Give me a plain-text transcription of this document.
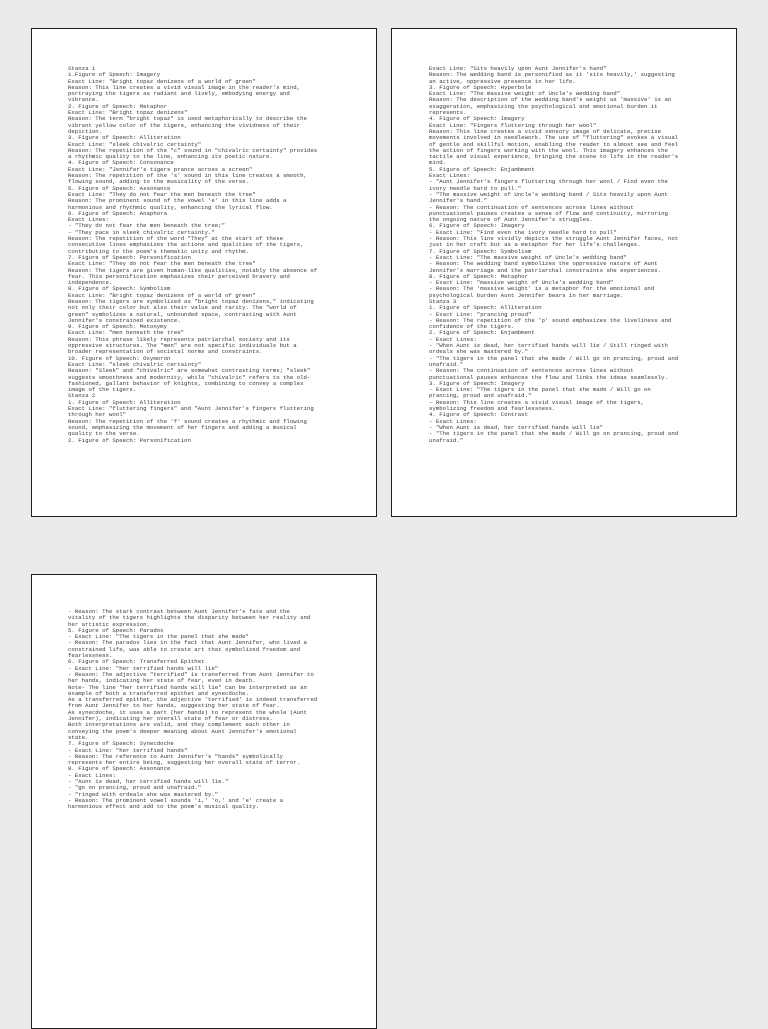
Stanza 1
1.Figure of Speech: Imagery
Exact Line: "Bright topaz denizens of a world of green"
Reason: This line creates a vivid visual image in the reader's mind,
portraying the tigers as radiant and lively, embodying energy and
vibrance.
2. Figure of Speech: Metaphor
Exact Line: "Bright topaz denizens"
Reason: The term "bright topaz" is used metaphorically to describe the
vibrant yellow color of the tigers, enhancing the vividness of their
depiction.
3. Figure of Speech: Alliteration
Exact Line: "sleek chivalric certainty"
Reason: The repetition of the "c" sound in "chivalric certainty" provides
a rhythmic quality to the line, enhancing its poetic nature.
4. Figure of Speech: Consonance
Exact Line: "Jennifer's tigers prance across a screen"
Reason: The repetition of the 's' sound in this line creates a smooth,
flowing sound, adding to the musicality of the verse.
5. Figure of Speech: Assonance
Exact Line: "They do not fear the men beneath the tree"
Reason: The prominent sound of the vowel 'e' in this line adds a
harmonious and rhythmic quality, enhancing the lyrical flow.
6. Figure of Speech: Anaphora
Exact Lines:
- "They do not fear the men beneath the tree;"
- "They pace in sleek chivalric certainty."
Reason: The repetition of the word "They" at the start of these
consecutive lines emphasizes the actions and qualities of the tigers,
contributing to the poem's thematic unity and rhythm.
7. Figure of Speech: Personification
Exact Line: "They do not fear the men beneath the tree"
Reason: The tigers are given human-like qualities, notably the absence of
fear. This personification emphasizes their perceived bravery and
independence.
8. Figure of Speech: Symbolism
Exact Line: "Bright topaz denizens of a world of green"
Reason: The tigers are symbolized as "bright topaz denizens," indicating
not only their color but also their value and rarity. The "world of
green" symbolizes a natural, unbounded space, contrasting with Aunt
Jennifer's constrained existence.
9. Figure of Speech: Metonymy
Exact Line: "men beneath the tree"
Reason: This phrase likely represents patriarchal society and its
oppressive structures. The "men" are not specific individuals but a
broader representation of societal norms and constraints.
10. Figure of Speech: Oxymoron
Exact Line: "sleek chivalric certainty"
Reason: "Sleek" and "chivalric" are somewhat contrasting terms; "sleek"
suggests smoothness and modernity, while "chivalric" refers to the old-
fashioned, gallant behavior of knights, combining to convey a complex
image of the tigers.
Stanza 2
1. Figure of Speech: Alliteration
Exact Line: "fluttering fingers" and "Aunt Jennifer's fingers fluttering
through her wool"
Reason: The repetition of the 'f' sound creates a rhythmic and flowing
sound, emphasizing the movement of her fingers and adding a musical
quality to the verse.
2. Figure of Speech: Personification
Exact Line: "Sits heavily upon Aunt Jennifer's hand"
Reason: The wedding band is personified as it 'sits heavily,' suggesting
an active, oppressive presence in her life.
3. Figure of Speech: Hyperbole
Exact Line: "The massive weight of Uncle's wedding band"
Reason: The description of the wedding band's weight as 'massive' is an
exaggeration, emphasizing the psychological and emotional burden it
represents.
4. Figure of Speech: Imagery
Exact Line: "Fingers fluttering through her wool"
Reason: This line creates a vivid sensory image of delicate, precise
movements involved in needlework. The use of "fluttering" evokes a visual
of gentle and skillful motion, enabling the reader to almost see and feel
the action of fingers working with the wool. This imagery enhances the
tactile and visual experience, bringing the scene to life in the reader's
mind.
5. Figure of Speech: Enjambment
Exact Lines:
- "Aunt Jennifer's fingers fluttering through her wool / Find even the
ivory needle hard to pull."
- "The massive weight of Uncle's wedding band / Sits heavily upon Aunt
Jennifer's hand."
- Reason: The continuation of sentences across lines without
punctuational pauses creates a sense of flow and continuity, mirroring
the ongoing nature of Aunt Jennifer's struggles.
6. Figure of Speech: Imagery
- Exact Line: "Find even the ivory needle hard to pull"
- Reason: This line vividly depicts the struggle Aunt Jennifer faces, not
just in her craft but as a metaphor for her life's challenges.
7. Figure of Speech: Symbolism
- Exact Line: "The massive weight of Uncle's wedding band"
- Reason: The wedding band symbolizes the oppressive nature of Aunt
Jennifer's marriage and the patriarchal constraints she experiences.
8. Figure of Speech: Metaphor
- Exact Line: "massive weight of Uncle's wedding band"
- Reason: The 'massive weight' is a metaphor for the emotional and
psychological burden Aunt Jennifer bears in her marriage.
Stanza 3
1. Figure of Speech: Alliteration
- Exact Line: "prancing proud"
- Reason: The repetition of the 'p' sound emphasizes the liveliness and
confidence of the tigers.
2. Figure of Speech: Enjambment
- Exact Lines:
- "When Aunt is dead, her terrified hands will lie / Still ringed with
ordeals she was mastered by."
- "The tigers in the panel that she made / Will go on prancing, proud and
unafraid."
- Reason: The continuation of sentences across lines without
punctuational pauses enhances the flow and links the ideas seamlessly.
3. Figure of Speech: Imagery
- Exact Line: "The tigers in the panel that she made / Will go on
prancing, proud and unafraid."
- Reason: This line creates a vivid visual image of the tigers,
symbolizing freedom and fearlessness.
4. Figure of Speech: Contrast
- Exact Lines:
- "When Aunt is dead, her terrified hands will lie"
- "The tigers in the panel that she made / Will go on prancing, proud and
unafraid."
- Reason: The stark contrast between Aunt Jennifer's fate and the
vitality of the tigers highlights the disparity between her reality and
her artistic expression.
5. Figure of Speech: Paradox
- Exact Line: "The tigers in the panel that she made"
- Reason: The paradox lies in the fact that Aunt Jennifer, who lived a
constrained life, was able to create art that symbolized freedom and
fearlessness.
6. Figure of Speech: Transferred Epithet
- Exact Line: "her terrified hands will lie"
- Reason: The adjective "terrified" is transferred from Aunt Jennifer to
her hands, indicating her state of fear, even in death.
Note- The line "her terrified hands will lie" can be interpreted as an
example of both a transferred epithet and synecdoche.
As a transferred epithet, the adjective 'terrified' is indeed transferred
from Aunt Jennifer to her hands, suggesting her state of fear.
As synecdoche, it uses a part (her hands) to represent the whole (Aunt
Jennifer), indicating her overall state of fear or distress.
Both interpretations are valid, and they complement each other in
conveying the poem's deeper meaning about Aunt Jennifer's emotional
state.
7. Figure of Speech: Synecdoche
- Exact Line: "her terrified hands"
- Reason: The reference to Aunt Jennifer's "hands" symbolically
represents her entire being, suggesting her overall state of terror.
8. Figure of Speech: Assonance
- Exact Lines:
- "Aunt is dead, her terrified hands will lie."
- "go on prancing, proud and unafraid."
- "ringed with ordeals she was mastered by."
- Reason: The prominent vowel sounds 'i,' 'o,' and 'e' create a
harmonious effect and add to the poem's musical quality.
